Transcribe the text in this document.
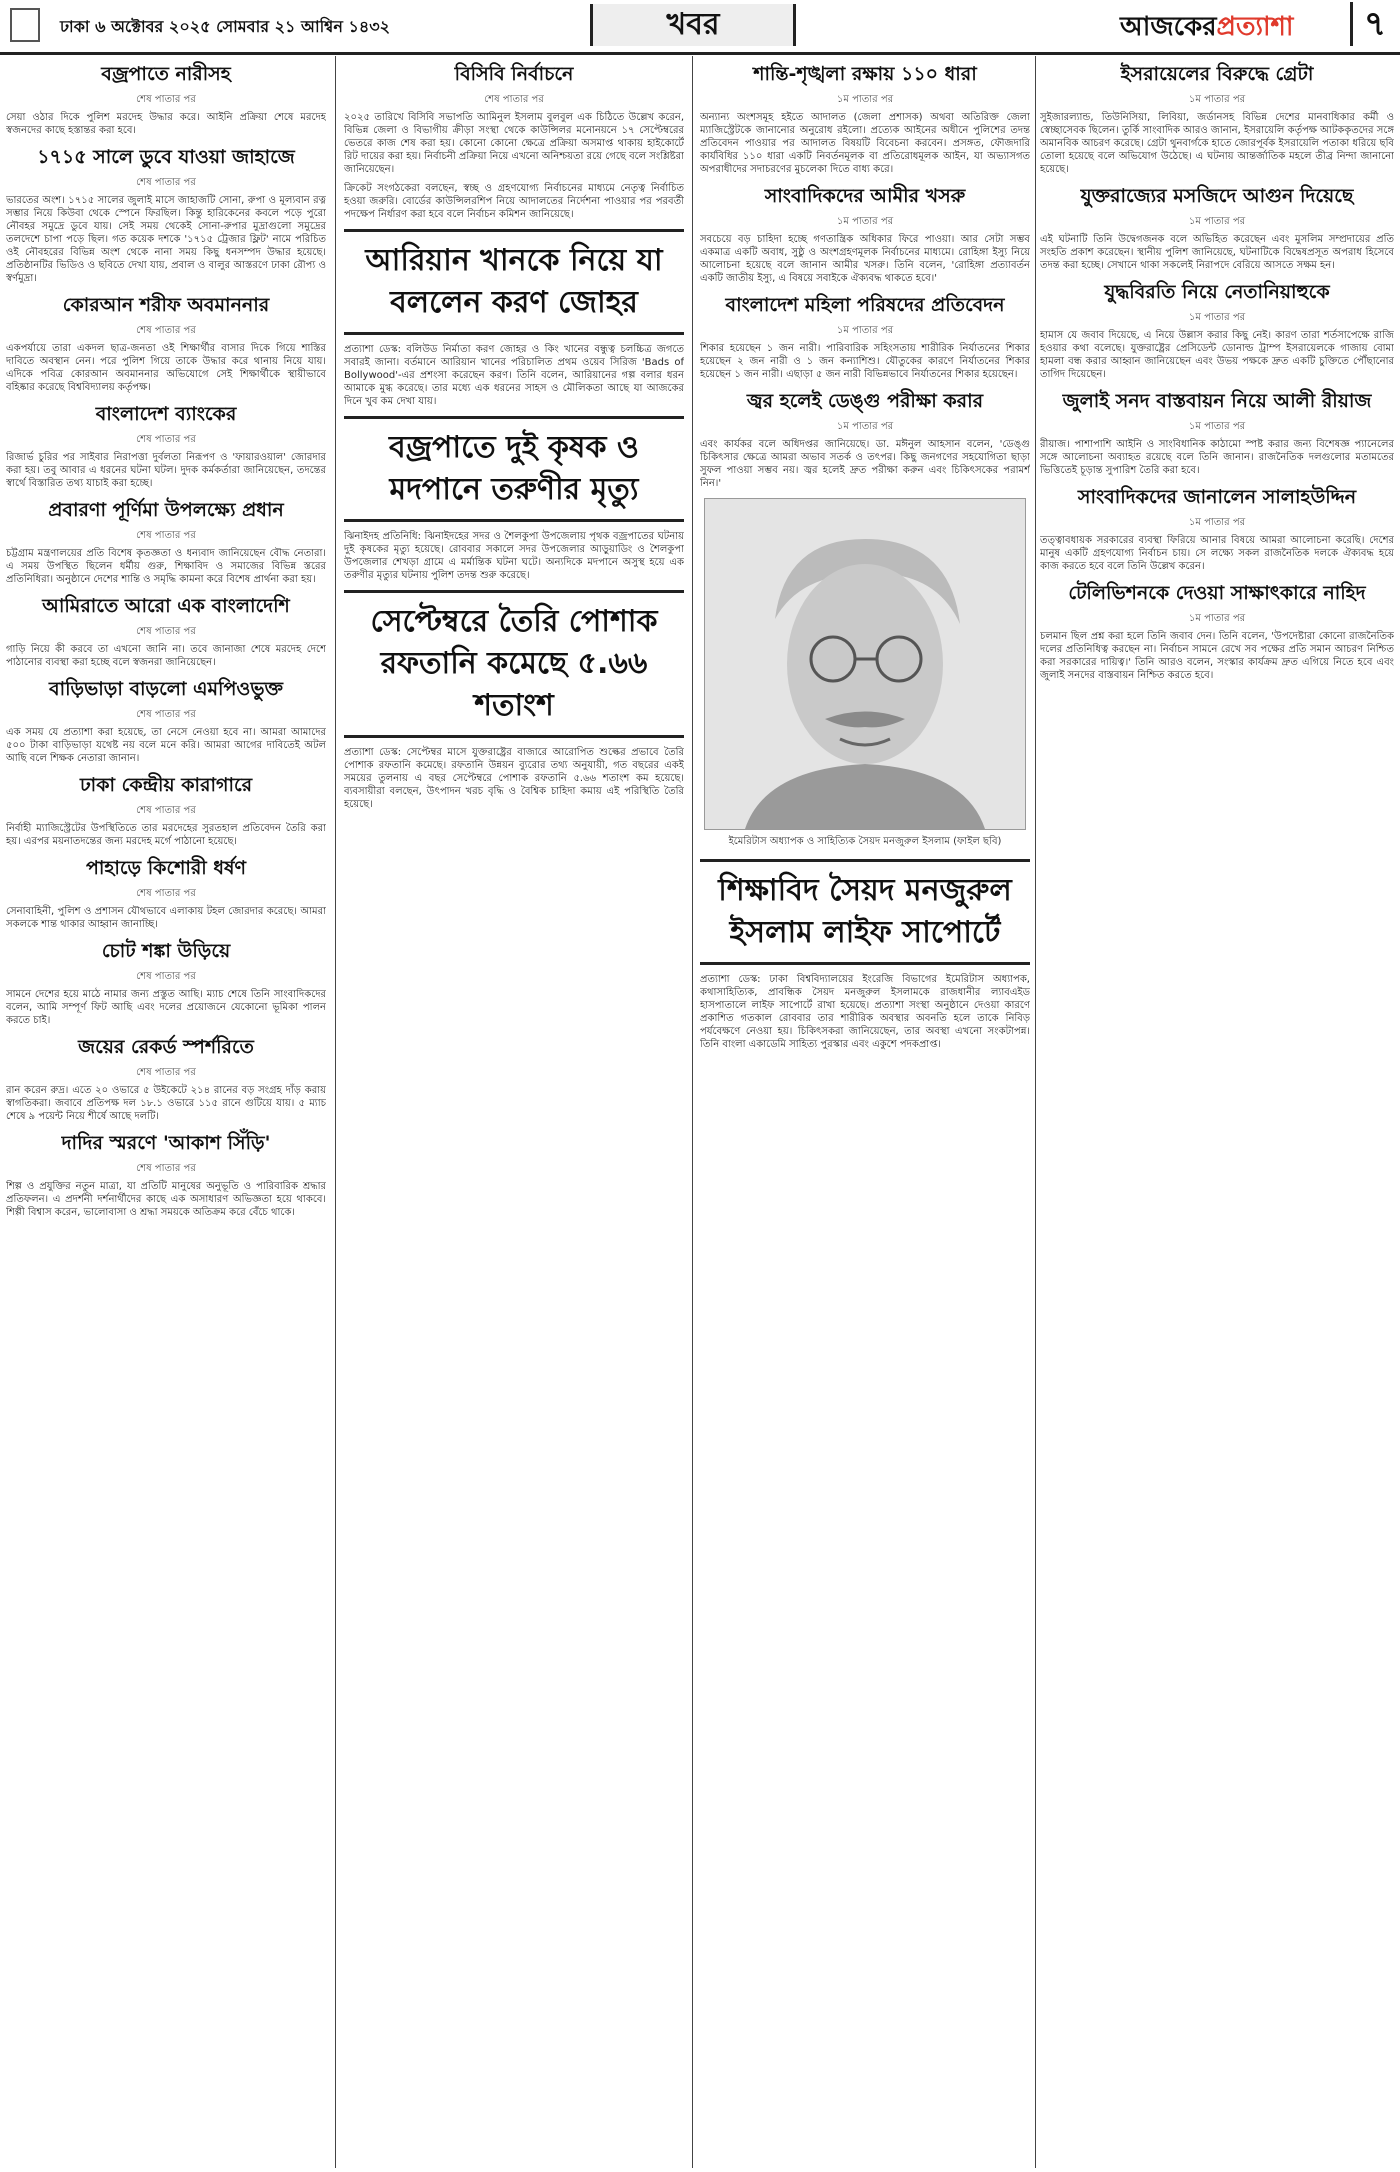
ঢাকা ৬ অক্টোবর ২০২৫ সোমবার ২১ আশ্বিন ১৪৩২	খবর	আজকেরপ্রত্যাশা	৭
বজ্রপাতে নারীসহ
শেষ পাতার পর

সেয়া ওঠার দিকে পুলিশ মরদেহ উদ্ধার করে। আইনি প্রক্রিয়া শেষে মরদেহ স্বজনদের কাছে হস্তান্তর করা হবে।

১৭১৫ সালে ডুবে যাওয়া জাহাজে
শেষ পাতার পর

ভারতের অংশ। ১৭১৫ সালের জুলাই মাসে জাহাজটি সোনা, রুপা ও মূল্যবান রত্ন সম্ভার নিয়ে কিউবা থেকে স্পেনে ফিরছিল। কিন্তু হারিকেনের কবলে পড়ে পুরো নৌবহর সমুদ্রে ডুবে যায়। সেই সময় থেকেই সোনা-রুপার মুদ্রাগুলো সমুদ্রের তলদেশে চাপা পড়ে ছিল। গত কয়েক দশকে '১৭১৫ ট্রেজার ফ্লিট' নামে পরিচিত ওই নৌবহরের বিভিন্ন অংশ থেকে নানা সময় কিছু ধনসম্পদ উদ্ধার হয়েছে। প্রতিষ্ঠানটির ভিডিও ও ছবিতে দেখা যায়, প্রবাল ও বালুর আস্তরণে ঢাকা রৌপ্য ও স্বর্ণমুদ্রা।

কোরআন শরীফ অবমাননার
শেষ পাতার পর

একপর্যায়ে তারা একদল ছাত্র-জনতা ওই শিক্ষার্থীর বাসার দিকে গিয়ে শাস্তির দাবিতে অবস্থান নেন। পরে পুলিশ গিয়ে তাকে উদ্ধার করে থানায় নিয়ে যায়। এদিকে পবিত্র কোরআন অবমাননার অভিযোগে সেই শিক্ষার্থীকে স্থায়ীভাবে বহিষ্কার করেছে বিশ্ববিদ্যালয় কর্তৃপক্ষ।

বাংলাদেশ ব্যাংকের
শেষ পাতার পর

রিজার্ভ চুরির পর সাইবার নিরাপত্তা দুর্বলতা নিরূপণ ও 'ফায়ারওয়াল' জোরদার করা হয়। তবু আবার এ ধরনের ঘটনা ঘটল। দুদক কর্মকর্তারা জানিয়েছেন, তদন্তের স্বার্থে বিস্তারিত তথ্য যাচাই করা হচ্ছে।

প্রবারণা পূর্ণিমা উপলক্ষ্যে প্রধান
শেষ পাতার পর

চট্টগ্রাম মন্ত্রণালয়ের প্রতি বিশেষ কৃতজ্ঞতা ও ধন্যবাদ জানিয়েছেন বৌদ্ধ নেতারা। এ সময় উপস্থিত ছিলেন ধর্মীয় গুরু, শিক্ষাবিদ ও সমাজের বিভিন্ন স্তরের প্রতিনিধিরা। অনুষ্ঠানে দেশের শান্তি ও সমৃদ্ধি কামনা করে বিশেষ প্রার্থনা করা হয়।

আমিরাতে আরো এক বাংলাদেশি
শেষ পাতার পর

গাড়ি নিয়ে কী করবে তা এখনো জানি না। তবে জানাজা শেষে মরদেহ দেশে পাঠানোর ব্যবস্থা করা হচ্ছে বলে স্বজনরা জানিয়েছেন।

বাড়িভাড়া বাড়লো এমপিওভুক্ত
শেষ পাতার পর

এক সময় যে প্রত্যাশা করা হয়েছে, তা নেসে নেওয়া হবে না। আমরা আমাদের ৫০০ টাকা বাড়িভাড়া যথেষ্ট নয় বলে মনে করি। আমরা আগের দাবিতেই অটল আছি বলে শিক্ষক নেতারা জানান।

ঢাকা কেন্দ্রীয় কারাগারে
শেষ পাতার পর

নির্বাহী ম্যাজিস্ট্রেটের উপস্থিতিতে তার মরদেহের সুরতহাল প্রতিবেদন তৈরি করা হয়। এরপর ময়নাতদন্তের জন্য মরদেহ মর্গে পাঠানো হয়েছে।

পাহাড়ে কিশোরী ধর্ষণ
শেষ পাতার পর

সেনাবাহিনী, পুলিশ ও প্রশাসন যৌথভাবে এলাকায় টহল জোরদার করেছে। আমরা সকলকে শান্ত থাকার আহ্বান জানাচ্ছি।

চোট শঙ্কা উড়িয়ে
শেষ পাতার পর

সামনে দেশের হয়ে মাঠে নামার জন্য প্রস্তুত আছি। ম্যাচ শেষে তিনি সাংবাদিকদের বলেন, আমি সম্পূর্ণ ফিট আছি এবং দলের প্রয়োজনে যেকোনো ভূমিকা পালন করতে চাই।

জয়ের রেকর্ড স্পর্শরিতে
শেষ পাতার পর

রান করেন রুদ্র। এতে ২০ ওভারে ৫ উইকেটে ২১৪ রানের বড় সংগ্রহ দাঁড় করায় স্বাগতিকরা। জবাবে প্রতিপক্ষ দল ১৮.১ ওভারে ১১৫ রানে গুটিয়ে যায়। ৫ ম্যাচ শেষে ৯ পয়েন্ট নিয়ে শীর্ষে আছে দলটি।

দাদির স্মরণে 'আকাশ সিঁড়ি'
শেষ পাতার পর

শিল্প ও প্রযুক্তির নতুন মাত্রা, যা প্রতিটি মানুষের অনুভূতি ও পারিবারিক শ্রদ্ধার প্রতিফলন। এ প্রদর্শনী দর্শনার্থীদের কাছে এক অসাধারণ অভিজ্ঞতা হয়ে থাকবে। শিল্পী বিশ্বাস করেন, ভালোবাসা ও শ্রদ্ধা সময়কে অতিক্রম করে বেঁচে থাকে।

বিসিবি নির্বাচনে
শেষ পাতার পর

২০২৫ তারিখে বিসিবি সভাপতি আমিনুল ইসলাম বুলবুল এক চিঠিতে উল্লেখ করেন, বিভিন্ন জেলা ও বিভাগীয় ক্রীড়া সংস্থা থেকে কাউন্সিলর মনোনয়নে ১৭ সেপ্টেম্বরের ভেতরে কাজ শেষ করা হয়। কোনো কোনো ক্ষেত্রে প্রক্রিয়া অসমাপ্ত থাকায় হাইকোর্টে রিট দায়ের করা হয়। নির্বাচনী প্রক্রিয়া নিয়ে এখনো অনিশ্চয়তা রয়ে গেছে বলে সংশ্লিষ্টরা জানিয়েছেন।

ক্রিকেট সংগঠকেরা বলছেন, স্বচ্ছ ও গ্রহণযোগ্য নির্বাচনের মাধ্যমে নেতৃত্ব নির্বাচিত হওয়া জরুরি। বোর্ডের কাউন্সিলরশিপ নিয়ে আদালতের নির্দেশনা পাওয়ার পর পরবর্তী পদক্ষেপ নির্ধারণ করা হবে বলে নির্বাচন কমিশন জানিয়েছে।

আরিয়ান খানকে নিয়ে যা বললেন করণ জোহর

প্রত্যাশা ডেস্ক: বলিউড নির্মাতা করণ জোহর ও কিং খানের বন্ধুত্ব চলচ্চিত্র জগতে সবারই জানা। বর্তমানে আরিয়ান খানের পরিচালিত প্রথম ওয়েব সিরিজ 'Bads of Bollywood'-এর প্রশংসা করেছেন করণ। তিনি বলেন, আরিয়ানের গল্প বলার ধরন আমাকে মুগ্ধ করেছে। তার মধ্যে এক ধরনের সাহস ও মৌলিকতা আছে যা আজকের দিনে খুব কম দেখা যায়।

বজ্রপাতে দুই কৃষক ও মদপানে তরুণীর মৃত্যু

ঝিনাইদহ প্রতিনিধি: ঝিনাইদহের সদর ও শৈলকুপা উপজেলায় পৃথক বজ্রপাতের ঘটনায় দুই কৃষকের মৃত্যু হয়েছে। রোববার সকালে সদর উপজেলার আড়ুয়াডিং ও শৈলকুপা উপজেলার শেখড়া গ্রামে এ মর্মান্তিক ঘটনা ঘটে। অন্যদিকে মদপানে অসুস্থ হয়ে এক তরুণীর মৃত্যুর ঘটনায় পুলিশ তদন্ত শুরু করেছে।

সেপ্টেম্বরে তৈরি পোশাক রফতানি কমেছে ৫.৬৬ শতাংশ

প্রত্যাশা ডেস্ক: সেপ্টেম্বর মাসে যুক্তরাষ্ট্রের বাজারে আরোপিত শুল্কের প্রভাবে তৈরি পোশাক রফতানি কমেছে। রফতানি উন্নয়ন ব্যুরোর তথ্য অনুযায়ী, গত বছরের একই সময়ের তুলনায় এ বছর সেপ্টেম্বরে পোশাক রফতানি ৫.৬৬ শতাংশ কম হয়েছে। ব্যবসায়ীরা বলছেন, উৎপাদন খরচ বৃদ্ধি ও বৈশ্বিক চাহিদা কমায় এই পরিস্থিতি তৈরি হয়েছে।

শান্তি-শৃঙ্খলা রক্ষায় ১১০ ধারা
১ম পাতার পর

অন্যান্য অংশসমূহ হইতে আদালত (জেলা প্রশাসক) অথবা অতিরিক্ত জেলা ম্যাজিস্ট্রেটকে জানানোর অনুরোধ রইলো। প্রত্যেক আইনের অধীনে পুলিশের তদন্ত প্রতিবেদন পাওয়ার পর আদালত বিষয়টি বিবেচনা করবেন। প্রসঙ্গত, ফৌজদারি কার্যবিধির ১১০ ধারা একটি নিবর্তনমূলক বা প্রতিরোধমূলক আইন, যা অভ্যাসগত অপরাধীদের সদাচরণের মুচলেকা দিতে বাধ্য করে।

সাংবাদিকদের আমীর খসরু
১ম পাতার পর

সবচেয়ে বড় চাহিদা হচ্ছে গণতান্ত্রিক অধিকার ফিরে পাওয়া। আর সেটা সম্ভব একমাত্র একটি অবাধ, সুষ্ঠু ও অংশগ্রহণমূলক নির্বাচনের মাধ্যমে। রোহিঙ্গা ইস্যু নিয়ে আলোচনা হয়েছে বলে জানান আমীর খসরু। তিনি বলেন, 'রোহিঙ্গা প্রত্যাবর্তন একটি জাতীয় ইস্যু, এ বিষয়ে সবাইকে ঐক্যবদ্ধ থাকতে হবে।'

বাংলাদেশ মহিলা পরিষদের প্রতিবেদন
১ম পাতার পর

শিকার হয়েছেন ১ জন নারী। পারিবারিক সহিংসতায় শারীরিক নির্যাতনের শিকার হয়েছেন ২ জন নারী ও ১ জন কন্যাশিশু। যৌতুকের কারণে নির্যাতনের শিকার হয়েছেন ১ জন নারী। এছাড়া ৫ জন নারী বিভিন্নভাবে নির্যাতনের শিকার হয়েছেন।

জ্বর হলেই ডেঙ্গু পরীক্ষা করার
১ম পাতার পর

এবং কার্যকর বলে অধিদপ্তর জানিয়েছে। ডা. মঈনুল আহসান বলেন, 'ডেঙ্গু চিকিৎসার ক্ষেত্রে আমরা অভাব সতর্ক ও তৎপর। কিছু জনগণের সহযোগিতা ছাড়া সুফল পাওয়া সম্ভব নয়। জ্বর হলেই দ্রুত পরীক্ষা করুন এবং চিকিৎসকের পরামর্শ নিন।'

ইমেরিটাস অধ্যাপক ও সাহিত্যিক সৈয়দ মনজুরুল ইসলাম (ফাইল ছবি)
শিক্ষাবিদ সৈয়দ মনজুরুল ইসলাম লাইফ সাপোর্টে

প্রত্যাশা ডেস্ক: ঢাকা বিশ্ববিদ্যালয়ের ইংরেজি বিভাগের ইমেরিটাস অধ্যাপক, কথাসাহিত্যিক, প্রাবন্ধিক সৈয়দ মনজুরুল ইসলামকে রাজধানীর ল্যাবএইড হাসপাতালে লাইফ সাপোর্টে রাখা হয়েছে। প্রত্যাশা সংস্থা অনুষ্ঠানে দেওয়া কারণে প্রকাশিত গতকাল রোববার তার শারীরিক অবস্থার অবনতি হলে তাকে নিবিড় পর্যবেক্ষণে নেওয়া হয়। চিকিৎসকরা জানিয়েছেন, তার অবস্থা এখনো সংকটাপন্ন। তিনি বাংলা একাডেমি সাহিত্য পুরস্কার এবং একুশে পদকপ্রাপ্ত।

ইসরায়েলের বিরুদ্ধে গ্রেটা
১ম পাতার পর

সুইজারল্যান্ড, তিউনিসিয়া, লিবিয়া, জর্ডানসহ বিভিন্ন দেশের মানবাধিকার কর্মী ও স্বেচ্ছাসেবক ছিলেন। তুর্কি সাংবাদিক আরও জানান, ইসরায়েলি কর্তৃপক্ষ আটককৃতদের সঙ্গে অমানবিক আচরণ করেছে। গ্রেটা থুনবার্গকে হাতে জোরপূর্বক ইসরায়েলি পতাকা ধরিয়ে ছবি তোলা হয়েছে বলে অভিযোগ উঠেছে। এ ঘটনায় আন্তর্জাতিক মহলে তীব্র নিন্দা জানানো হয়েছে।

যুক্তরাজ্যের মসজিদে আগুন দিয়েছে
১ম পাতার পর

এই ঘটনাটি তিনি উদ্বেগজনক বলে অভিহিত করেছেন এবং মুসলিম সম্প্রদায়ের প্রতি সংহতি প্রকাশ করেছেন। স্থানীয় পুলিশ জানিয়েছে, ঘটনাটিকে বিদ্বেষপ্রসূত অপরাধ হিসেবে তদন্ত করা হচ্ছে। সেখানে থাকা সকলেই নিরাপদে বেরিয়ে আসতে সক্ষম হন।

যুদ্ধবিরতি নিয়ে নেতানিয়াহুকে
১ম পাতার পর

হামাস যে জবাব দিয়েছে, এ নিয়ে উল্লাস করার কিছু নেই। কারণ তারা শর্তসাপেক্ষে রাজি হওয়ার কথা বলেছে। যুক্তরাষ্ট্রের প্রেসিডেন্ট ডোনাল্ড ট্রাম্প ইসরায়েলকে গাজায় বোমা হামলা বন্ধ করার আহ্বান জানিয়েছেন এবং উভয় পক্ষকে দ্রুত একটি চুক্তিতে পৌঁছানোর তাগিদ দিয়েছেন।

জুলাই সনদ বাস্তবায়ন নিয়ে আলী রীয়াজ
১ম পাতার পর

রীয়াজ। পাশাপাশি আইনি ও সাংবিধানিক কাঠামো স্পষ্ট করার জন্য বিশেষজ্ঞ প্যানেলের সঙ্গে আলোচনা অব্যাহত রয়েছে বলে তিনি জানান। রাজনৈতিক দলগুলোর মতামতের ভিত্তিতেই চূড়ান্ত সুপারিশ তৈরি করা হবে।

সাংবাদিকদের জানালেন সালাহউদ্দিন
১ম পাতার পর

তত্ত্বাবধায়ক সরকারের ব্যবস্থা ফিরিয়ে আনার বিষয়ে আমরা আলোচনা করেছি। দেশের মানুষ একটি গ্রহণযোগ্য নির্বাচন চায়। সে লক্ষ্যে সকল রাজনৈতিক দলকে ঐক্যবদ্ধ হয়ে কাজ করতে হবে বলে তিনি উল্লেখ করেন।

টেলিভিশনকে দেওয়া সাক্ষাৎকারে নাহিদ
১ম পাতার পর

চলমান ছিল প্রশ্ন করা হলে তিনি জবাব দেন। তিনি বলেন, 'উপদেষ্টারা কোনো রাজনৈতিক দলের প্রতিনিধিত্ব করছেন না। নির্বাচন সামনে রেখে সব পক্ষের প্রতি সমান আচরণ নিশ্চিত করা সরকারের দায়িত্ব।' তিনি আরও বলেন, সংস্কার কার্যক্রম দ্রুত এগিয়ে নিতে হবে এবং জুলাই সনদের বাস্তবায়ন নিশ্চিত করতে হবে।
